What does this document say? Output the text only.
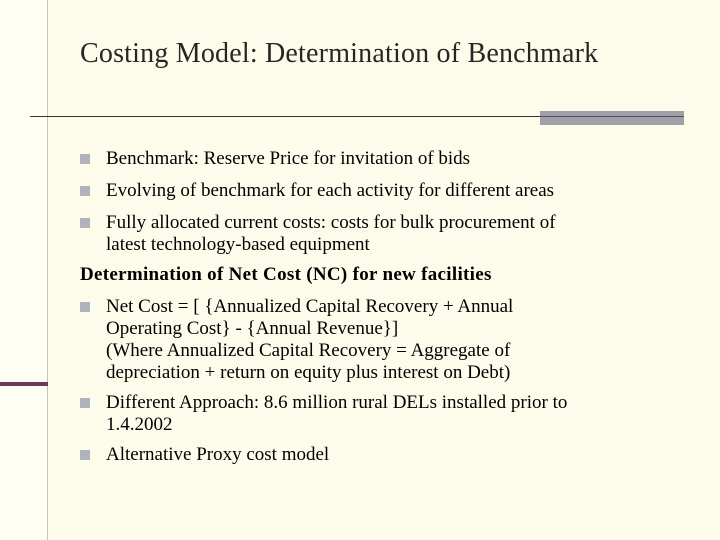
Costing Model: Determination of Benchmark
Benchmark: Reserve Price for invitation of bids
Evolving of benchmark for each activity for different areas
Fully allocated current costs: costs for bulk procurement of
latest technology-based equipment
Determination of Net Cost (NC) for new facilities
Net Cost = [ {Annualized Capital Recovery + Annual
Operating Cost} - {Annual Revenue}]
(Where Annualized Capital Recovery = Aggregate of
depreciation + return on equity plus interest on Debt)
Different Approach: 8.6 million rural DELs installed prior to
1.4.2002
Alternative Proxy cost model
